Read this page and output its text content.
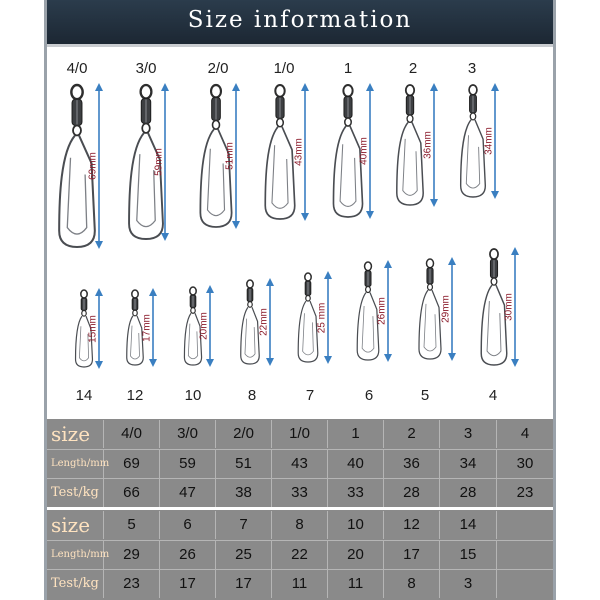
Size information
4/0	3/0	2/0	1/0	1	2	3
14 12	10	8	7	6	5	4
69mm	59mm	51mm	43mm	40mm	36mm	34mm
15mm	17mm	20mm	22mm	25 mm	26mm	29mm	30mm
size	4/0	3/0	2/0	1/0	1	2	3	4
Length/mm 69	59	51	43	40	36	34	30
Test/kg	66	47	38	33	33	28	28	23
size	5	6	7	8	10	12	14
Length/mm 29	26	25	22	20	17	15
Test/kg	23	17	17	11	11	8	3
